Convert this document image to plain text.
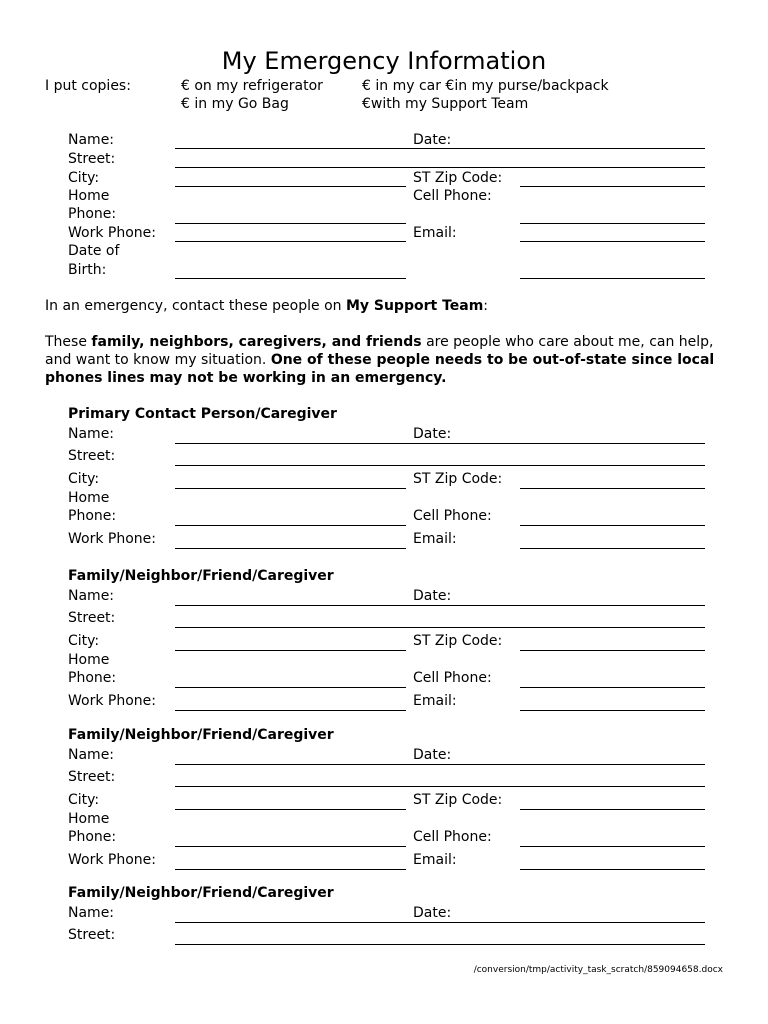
My Emergency Information
I put copies:	€ on my refrigerator	€ in my car €in my purse/backpack
€ in my Go Bag	€with my Support Team
Name:	Date:
Street:
City:	ST Zip Code:
Home	Cell Phone:
Phone:
Work Phone:	Email:
Date of
Birth:
In an emergency, contact these people on My Support Team:
These family, neighbors, caregivers, and friends are people who care about me, can help, and want to know my situation. One of these people needs to be out-of-state since local phones lines may not be working in an emergency.
Primary Contact Person/Caregiver
Name:	Date:
Street:
City:	ST Zip Code:
Home
Phone:	Cell Phone:
Work Phone:	Email:
Family/Neighbor/Friend/Caregiver
Name:	Date:
Street:
City:	ST Zip Code:
Home
Phone:	Cell Phone:
Work Phone:	Email:
Family/Neighbor/Friend/Caregiver
Name:	Date:
Street:
City:	ST Zip Code:
Home
Phone:	Cell Phone:
Work Phone:	Email:
Family/Neighbor/Friend/Caregiver
Name:	Date:
Street:
/conversion/tmp/activity_task_scratch/859094658.docx
